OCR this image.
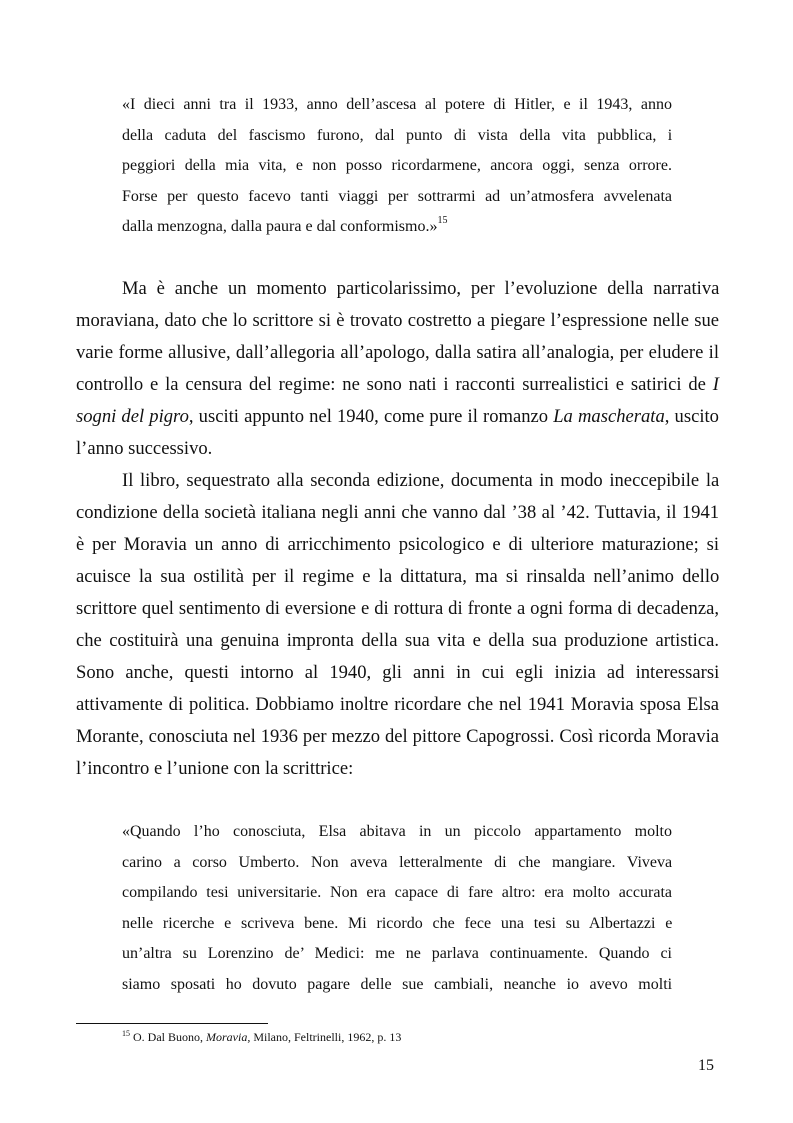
«I dieci anni tra il 1933, anno dell’ascesa al potere di Hitler, e il 1943, anno
della caduta del fascismo furono, dal punto di vista della vita pubblica, i
peggiori della mia vita, e non posso ricordarmene, ancora oggi, senza orrore.
Forse per questo facevo tanti viaggi per sottrarmi ad un’atmosfera avvelenata
dalla menzogna, dalla paura e dal conformismo.»$^{15}$
Ma è anche un momento particolarissimo, per l’evoluzione della narrativa
moraviana, dato che lo scrittore si è trovato costretto a piegare l’espressione nelle sue
varie forme allusive, dall’allegoria all’apologo, dalla satira all’analogia, per eludere il
controllo e la censura del regime: ne sono nati i racconti surrealistici e satirici de I
sogni del pigro, usciti appunto nel 1940, come pure il romanzo La mascherata, uscito
l’anno successivo.
Il libro, sequestrato alla seconda edizione, documenta in modo ineccepibile la
condizione della società italiana negli anni che vanno dal ’38 al ’42. Tuttavia, il 1941
è per Moravia un anno di arricchimento psicologico e di ulteriore maturazione; si
acuisce la sua ostilità per il regime e la dittatura, ma si rinsalda nell’animo dello
scrittore quel sentimento di eversione e di rottura di fronte a ogni forma di decadenza,
che costituirà una genuina impronta della sua vita e della sua produzione artistica.
Sono anche, questi intorno al 1940, gli anni in cui egli inizia ad interessarsi
attivamente di politica. Dobbiamo inoltre ricordare che nel 1941 Moravia sposa Elsa
Morante, conosciuta nel 1936 per mezzo del pittore Capogrossi. Così ricorda Moravia
l’incontro e l’unione con la scrittrice:
«Quando l’ho conosciuta, Elsa abitava in un piccolo appartamento molto
carino a corso Umberto. Non aveva letteralmente di che mangiare. Viveva
compilando tesi universitarie. Non era capace di fare altro: era molto accurata
nelle ricerche e scriveva bene. Mi ricordo che fece una tesi su Albertazzi e
un’altra su Lorenzino de’ Medici: me ne parlava continuamente. Quando ci
siamo sposati ho dovuto pagare delle sue cambiali, neanche io avevo molti
$^{15}$ O. Dal Buono, Moravia, Milano, Feltrinelli, 1962, p. 13
15
